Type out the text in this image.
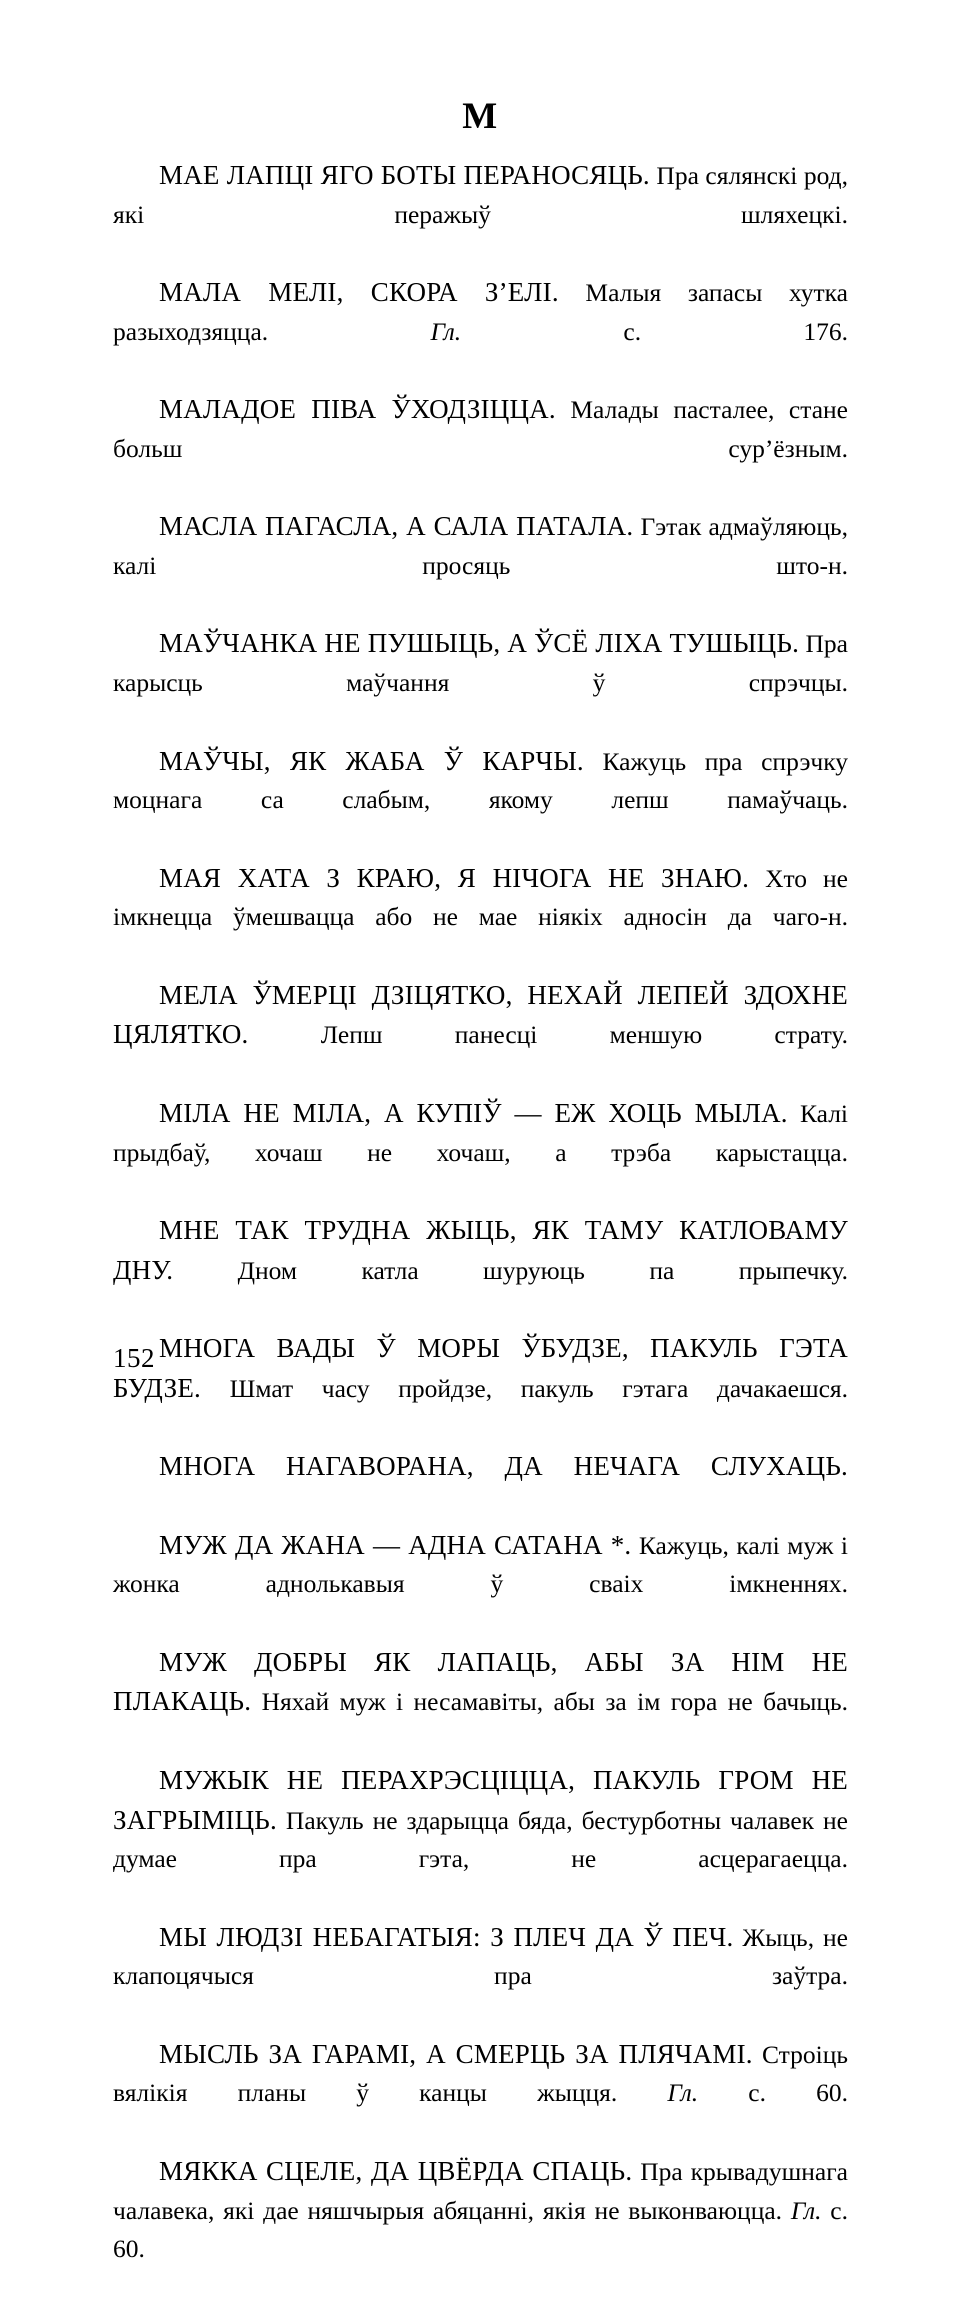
М

МАЕ ЛАПЦІ ЯГО БОТЫ ПЕРАНОСЯЦЬ. Пра сялянскі род, які перажыў шляхецкі.

МАЛА МЕЛІ, СКОРА З’ЕЛІ. Малыя запасы хутка разыходзяцца. Гл. с. 176.

МАЛАДОЕ ПІВА ЎХОДЗІЦЦА. Малады пасталее, стане больш сур’ёзным.

МАСЛА ПАГАСЛА, А САЛА ПАТАЛА. Гэтак адмаўляюць, калі просяць што-н.

МАЎЧАНКА НЕ ПУШЫЦЬ, А ЎСЁ ЛІХА ТУШЫЦЬ. Пра карысць маўчання ў спрэчцы.

МАЎЧЫ, ЯК ЖАБА Ў КАРЧЫ. Кажуць пра спрэчку моцнага са слабым, якому лепш памаўчаць.

МАЯ ХАТА З КРАЮ, Я НІЧОГА НЕ ЗНАЮ. Хто не імкнецца ўмешвацца або не мае ніякіх адносін да чаго-н.

МЕЛА ЎМЕРЦІ ДЗІЦЯТКО, НЕХАЙ ЛЕПЕЙ ЗДОХНЕ ЦЯЛЯТКО. Лепш панесці меншую страту.

МІЛА НЕ МІЛА, А КУПІЎ — ЕЖ ХОЦЬ МЫЛА. Калі прыдбаў, хочаш не хочаш, а трэба карыстацца.

МНЕ ТАК ТРУДНА ЖЫЦЬ, ЯК ТАМУ КАТЛОВАМУ ДНУ. Дном катла шуруюць па прыпечку.

МНОГА ВАДЫ Ў МОРЫ ЎБУДЗЕ, ПАКУЛЬ ГЭТА БУДЗЕ. Шмат часу пройдзе, пакуль гэтага дачакаешся.

МНОГА НАГАВОРАНА, ДА НЕЧАГА СЛУХАЦЬ.

МУЖ ДА ЖАНА — АДНА САТАНА *. Кажуць, калі муж і жонка аднолькавыя ў сваіх імкненнях.

МУЖ ДОБРЫ ЯК ЛАПАЦЬ, АБЫ ЗА НІМ НЕ ПЛАКАЦЬ. Няхай муж і несамавіты, абы за ім гора не бачыць.

МУЖЫК НЕ ПЕРАХРЭСЦІЦЦА, ПАКУЛЬ ГРОМ НЕ ЗАГРЫМІЦЬ. Пакуль не здарыцца бяда, бестурботны чалавек не думае пра гэта, не асцерагаецца.

МЫ ЛЮДЗІ НЕБАГАТЫЯ: З ПЛЕЧ ДА Ў ПЕЧ. Жыць, не клапоцячыся пра заўтра.

МЫСЛЬ ЗА ГАРАМІ, А СМЕРЦЬ ЗА ПЛЯЧАМІ. Строіць вялікія планы ў канцы жыцця. Гл. с. 60.

МЯККА СЦЕЛЕ, ДА ЦВЁРДА СПАЦЬ. Пра крывадушнага чалавека, які дае няшчырыя абяцанні, якія не выконваюцца. Гл. с. 60.

152
